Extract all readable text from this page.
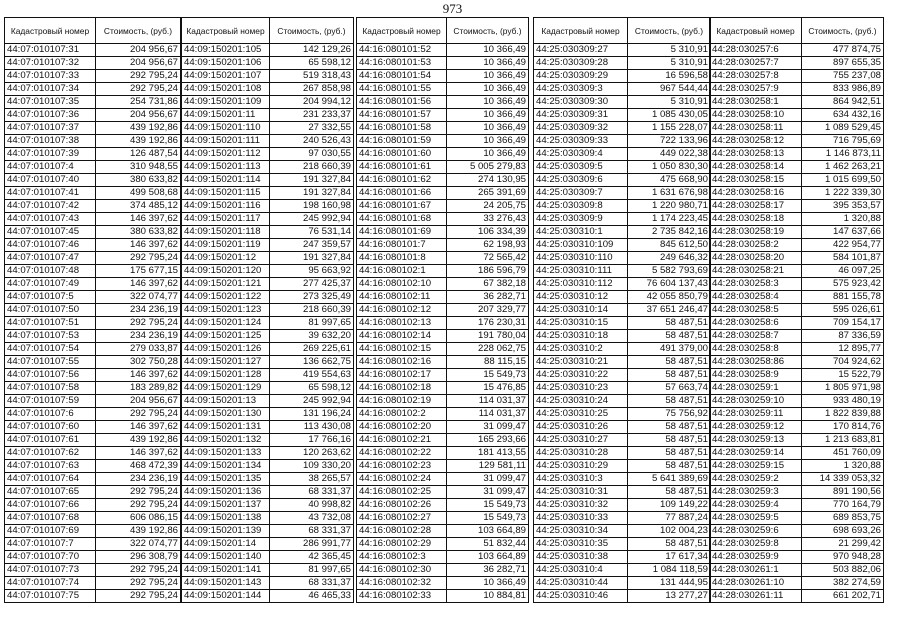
973
Кадастровый номер	Стоимость, (руб.)
44:07:010107:31	204 956,67
44:07:010107:32	204 956,67
44:07:010107:33	292 795,24
44:07:010107:34	292 795,24
44:07:010107:35	254 731,86
44:07:010107:36	204 956,67
44:07:010107:37	439 192,86
44:07:010107:38	439 192,86
44:07:010107:39	126 487,54
44:07:010107:4	310 948,55
44:07:010107:40	380 633,82
44:07:010107:41	499 508,68
44:07:010107:42	374 485,12
44:07:010107:43	146 397,62
44:07:010107:45	380 633,82
44:07:010107:46	146 397,62
44:07:010107:47	292 795,24
44:07:010107:48	175 677,15
44:07:010107:49	146 397,62
44:07:010107:5	322 074,77
44:07:010107:50	234 236,19
44:07:010107:51	292 795,24
44:07:010107:53	234 236,19
44:07:010107:54	279 033,87
44:07:010107:55	302 750,28
44:07:010107:56	146 397,62
44:07:010107:58	183 289,82
44:07:010107:59	204 956,67
44:07:010107:6	292 795,24
44:07:010107:60	146 397,62
44:07:010107:61	439 192,86
44:07:010107:62	146 397,62
44:07:010107:63	468 472,39
44:07:010107:64	234 236,19
44:07:010107:65	292 795,24
44:07:010107:66	292 795,24
44:07:010107:68	606 086,15
44:07:010107:69	439 192,86
44:07:010107:7	322 074,77
44:07:010107:70	296 308,79
44:07:010107:73	292 795,24
44:07:010107:74	292 795,24
44:07:010107:75	292 795,24
Кадастровый номер	Стоимость, (руб.)
44:09:150201:105	142 129,26
44:09:150201:106	65 598,12
44:09:150201:107	519 318,43
44:09:150201:108	267 858,98
44:09:150201:109	204 994,12
44:09:150201:11	231 233,37
44:09:150201:110	27 332,55
44:09:150201:111	240 526,43
44:09:150201:112	97 030,55
44:09:150201:113	218 660,39
44:09:150201:114	191 327,84
44:09:150201:115	191 327,84
44:09:150201:116	198 160,98
44:09:150201:117	245 992,94
44:09:150201:118	76 531,14
44:09:150201:119	247 359,57
44:09:150201:12	191 327,84
44:09:150201:120	95 663,92
44:09:150201:121	277 425,37
44:09:150201:122	273 325,49
44:09:150201:123	218 660,39
44:09:150201:124	81 997,65
44:09:150201:125	39 632,20
44:09:150201:126	269 225,61
44:09:150201:127	136 662,75
44:09:150201:128	419 554,63
44:09:150201:129	65 598,12
44:09:150201:13	245 992,94
44:09:150201:130	131 196,24
44:09:150201:131	113 430,08
44:09:150201:132	17 766,16
44:09:150201:133	120 263,62
44:09:150201:134	109 330,20
44:09:150201:135	38 265,57
44:09:150201:136	68 331,37
44:09:150201:137	40 998,82
44:09:150201:138	43 732,08
44:09:150201:139	68 331,37
44:09:150201:14	286 991,77
44:09:150201:140	42 365,45
44:09:150201:141	81 997,65
44:09:150201:143	68 331,37
44:09:150201:144	46 465,33
Кадастровый номер	Стоимость, (руб.)
44:16:080101:52	10 366,49
44:16:080101:53	10 366,49
44:16:080101:54	10 366,49
44:16:080101:55	10 366,49
44:16:080101:56	10 366,49
44:16:080101:57	10 366,49
44:16:080101:58	10 366,49
44:16:080101:59	10 366,49
44:16:080101:60	10 366,49
44:16:080101:61	5 005 279,83
44:16:080101:62	274 130,95
44:16:080101:66	265 391,69
44:16:080101:67	24 205,75
44:16:080101:68	33 276,43
44:16:080101:69	106 334,39
44:16:080101:7	62 198,93
44:16:080101:8	72 565,42
44:16:080102:1	186 596,79
44:16:080102:10	67 382,18
44:16:080102:11	36 282,71
44:16:080102:12	207 329,77
44:16:080102:13	176 230,31
44:16:080102:14	191 780,04
44:16:080102:15	228 062,75
44:16:080102:16	88 115,15
44:16:080102:17	15 549,73
44:16:080102:18	15 476,85
44:16:080102:19	114 031,37
44:16:080102:2	114 031,37
44:16:080102:20	31 099,47
44:16:080102:21	165 293,66
44:16:080102:22	181 413,55
44:16:080102:23	129 581,11
44:16:080102:24	31 099,47
44:16:080102:25	31 099,47
44:16:080102:26	15 549,73
44:16:080102:27	15 549,73
44:16:080102:28	103 664,89
44:16:080102:29	51 832,44
44:16:080102:3	103 664,89
44:16:080102:30	36 282,71
44:16:080102:32	10 366,49
44:16:080102:33	10 884,81
Кадастровый номер	Стоимость, (руб.)
44:25:030309:27	5 310,91
44:25:030309:28	5 310,91
44:25:030309:29	16 596,58
44:25:030309:3	967 544,44
44:25:030309:30	5 310,91
44:25:030309:31	1 085 430,05
44:25:030309:32	1 155 228,07
44:25:030309:33	722 133,96
44:25:030309:4	449 022,38
44:25:030309:5	1 050 830,30
44:25:030309:6	475 668,90
44:25:030309:7	1 631 676,98
44:25:030309:8	1 220 980,71
44:25:030309:9	1 174 223,45
44:25:030310:1	2 735 842,16
44:25:030310:109	845 612,50
44:25:030310:110	249 646,32
44:25:030310:111	5 582 793,69
44:25:030310:112	76 604 137,43
44:25:030310:12	42 055 850,79
44:25:030310:14	37 651 246,47
44:25:030310:15	58 487,51
44:25:030310:18	58 487,51
44:25:030310:2	491 379,00
44:25:030310:21	58 487,51
44:25:030310:22	58 487,51
44:25:030310:23	57 663,74
44:25:030310:24	58 487,51
44:25:030310:25	75 756,92
44:25:030310:26	58 487,51
44:25:030310:27	58 487,51
44:25:030310:28	58 487,51
44:25:030310:29	58 487,51
44:25:030310:3	5 641 389,69
44:25:030310:31	58 487,51
44:25:030310:32	109 149,22
44:25:030310:33	77 887,24
44:25:030310:34	102 004,23
44:25:030310:35	58 487,51
44:25:030310:38	17 617,34
44:25:030310:4	1 084 118,59
44:25:030310:44	131 444,95
44:25:030310:46	13 277,27
Кадастровый номер	Стоимость, (руб.)
44:28:030257:6	477 874,75
44:28:030257:7	897 655,35
44:28:030257:8	755 237,08
44:28:030257:9	833 986,89
44:28:030258:1	864 942,51
44:28:030258:10	634 432,16
44:28:030258:11	1 089 529,45
44:28:030258:12	716 795,69
44:28:030258:13	1 146 873,11
44:28:030258:14	1 462 263,21
44:28:030258:15	1 015 699,50
44:28:030258:16	1 222 339,30
44:28:030258:17	395 353,57
44:28:030258:18	1 320,88
44:28:030258:19	147 637,66
44:28:030258:2	422 954,77
44:28:030258:20	584 101,87
44:28:030258:21	46 097,25
44:28:030258:3	575 923,42
44:28:030258:4	881 155,78
44:28:030258:5	595 026,61
44:28:030258:6	709 154,17
44:28:030258:7	87 336,59
44:28:030258:8	12 895,77
44:28:030258:86	704 924,62
44:28:030258:9	15 522,79
44:28:030259:1	1 805 971,98
44:28:030259:10	933 480,19
44:28:030259:11	1 822 839,88
44:28:030259:12	170 814,76
44:28:030259:13	1 213 683,81
44:28:030259:14	451 760,09
44:28:030259:15	1 320,88
44:28:030259:2	14 339 053,32
44:28:030259:3	891 190,56
44:28:030259:4	770 164,79
44:28:030259:5	689 853,75
44:28:030259:6	698 693,26
44:28:030259:8	21 299,42
44:28:030259:9	970 948,28
44:28:030261:1	503 882,06
44:28:030261:10	382 274,59
44:28:030261:11	661 202,71
